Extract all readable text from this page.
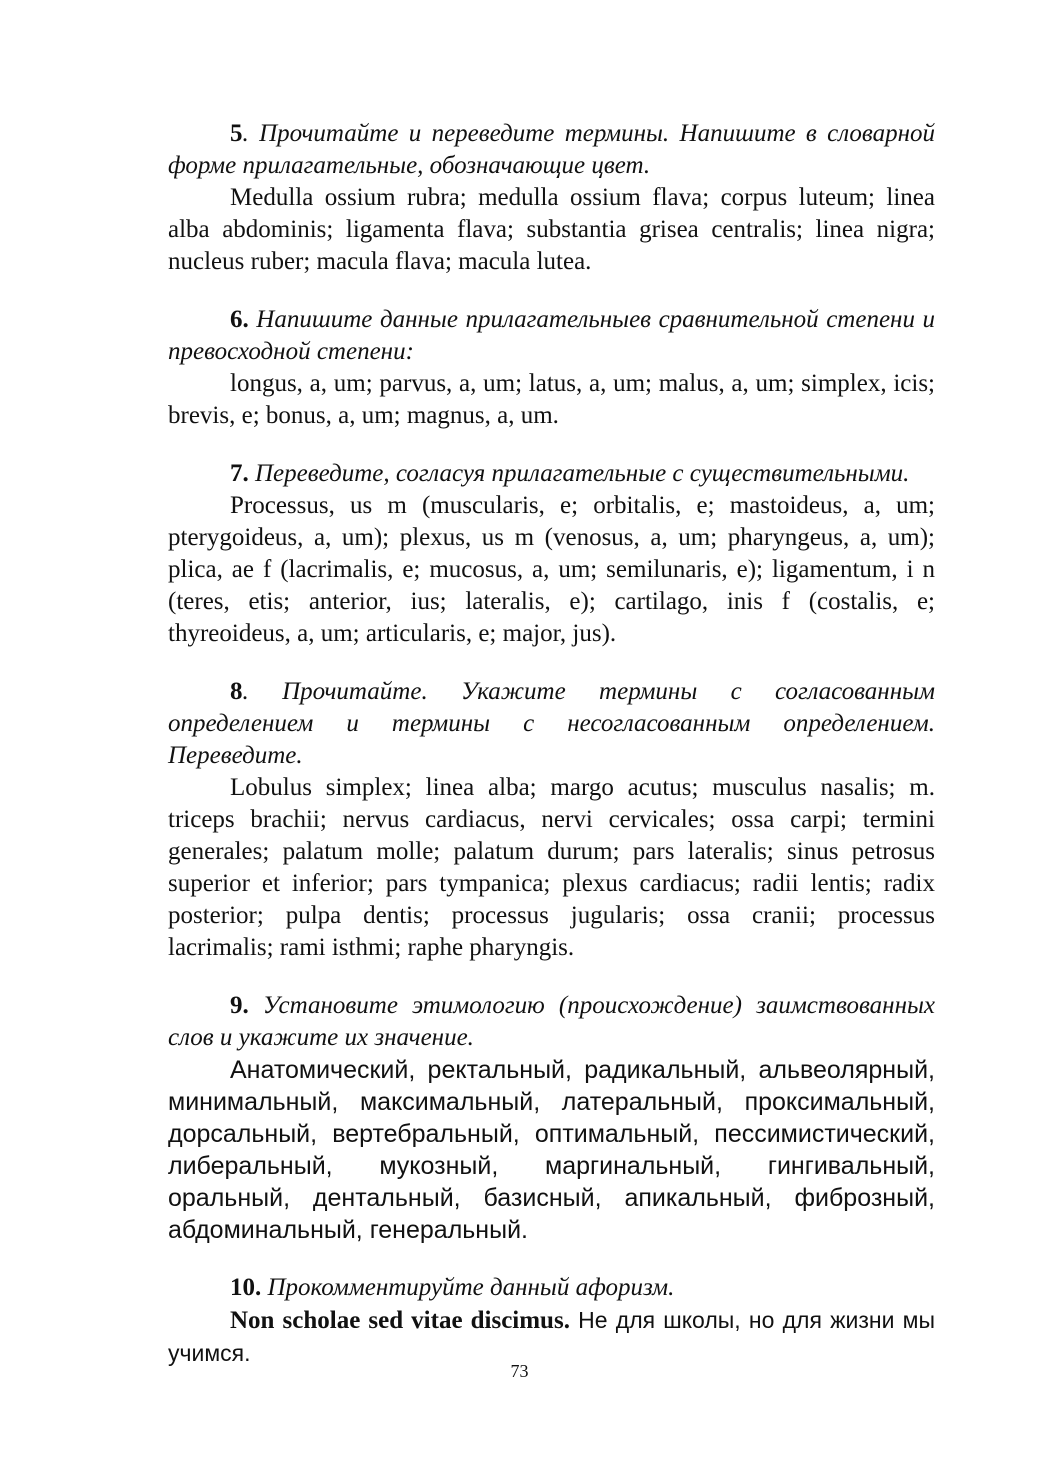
5. Прочитайте и переведите термины. Напишите в словарной форме прилагательные, обозначающие цвет.

Medulla ossium rubra; medulla ossium flava; corpus luteum; linea alba abdominis; ligamenta flava; substantia grisea centralis; linea nigra; nucleus ruber; macula flava; macula lutea.

6. Напишите данные прилагательныев сравнительной степени и превосходной степени:

longus, a, um; parvus, a, um; latus, a, um; malus, a, um; simplex, icis; brevis, e; bonus, a, um; magnus, a, um.

7. Переведите, согласуя прилагательные с существительными.

Processus, us m (muscularis, e; orbitalis, e; mastoideus, a, um; pterygoideus, a, um); plexus, us m (venosus, a, um; pharyngeus, a, um); plica, ae f (lacrimalis, e; mucosus, a, um; semilunaris, e); ligamentum, i n (teres, etis; anterior, ius; lateralis, e); cartilago, inis f (costalis, e; thyreoideus, a, um; articularis, e; major, jus).

8. Прочитайте. Укажите термины с согласованным определением и термины с несогласованным определением. Переведите.

Lobulus simplex; linea alba; margo acutus; musculus nasalis; m. triceps brachii; nervus cardiacus, nervi cervicales; ossa carpi; termini generales; palatum molle; palatum durum; pars lateralis; sinus petrosus superior et inferior; pars tympanica; plexus cardiacus; radii lentis; radix posterior; pulpa dentis; processus jugularis; ossa cranii; processus lacrimalis; rami isthmi; raphe pharyngis.

9. Установите этимологию (происхождение) заимствованных слов и укажите их значение.

Анатомический, ректальный, радикальный, альвеолярный, минимальный, максимальный, латеральный, проксимальный, дорсальный, вертебральный, оптимальный, пессимистический, либеральный, мукозный, маргинальный, гингивальный, оральный, дентальный, базисный, апикальный, фиброзный, абдоминальный, генеральный.

10. Прокомментируйте данный афоризм.

Non scholae sed vitae discimus. Не для школы, но для жизни мы учимся.

73
